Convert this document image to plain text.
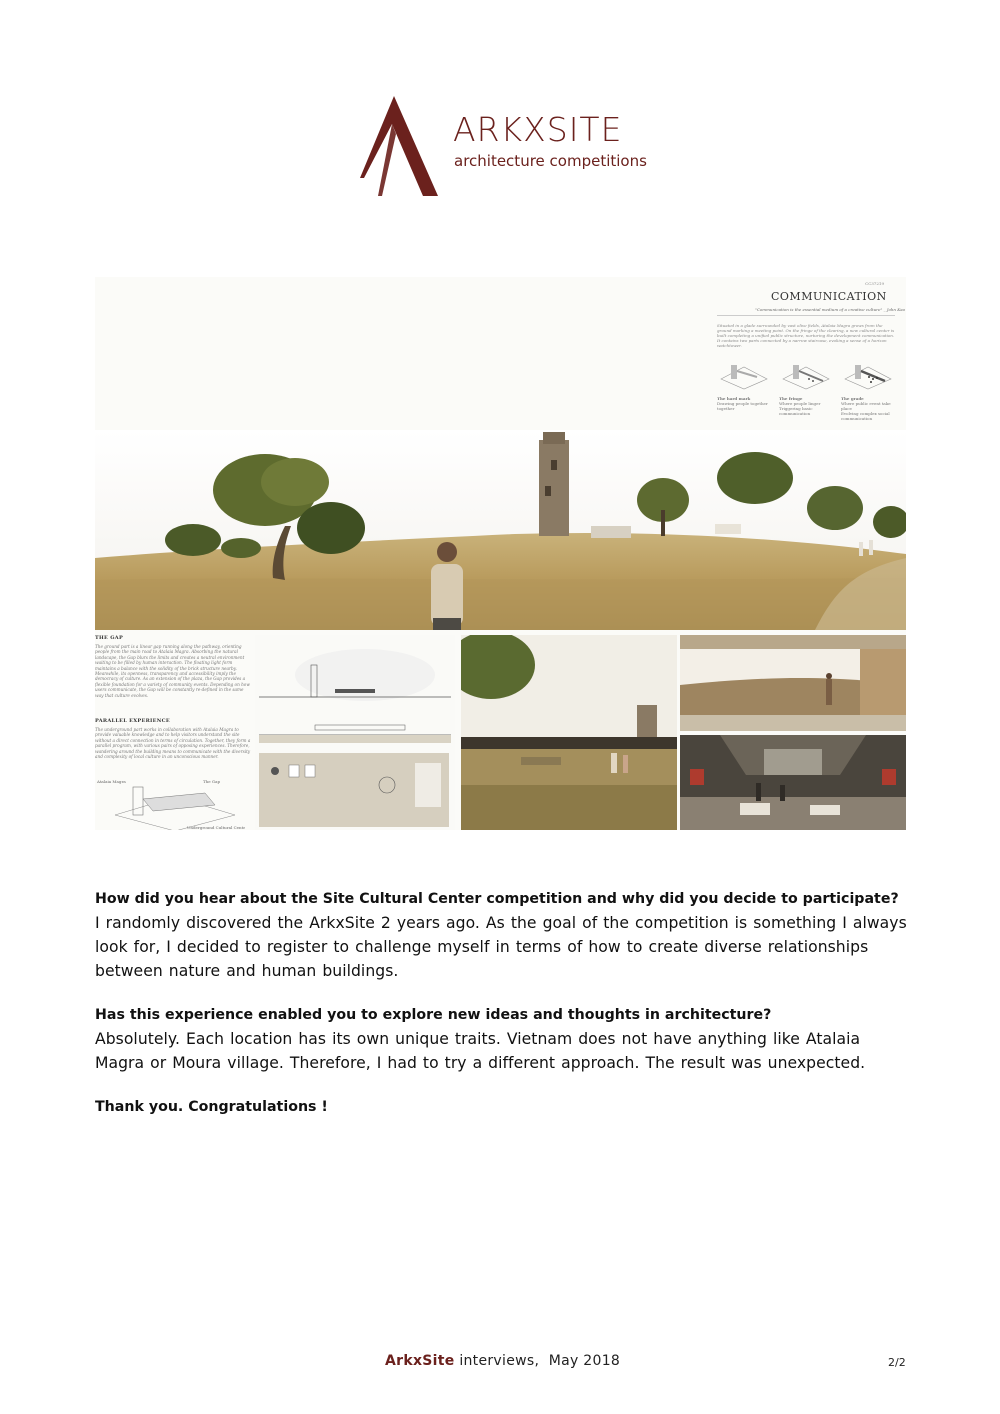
ARKXSITE
architecture competitions
CC37219
COMMUNICATION
"Communication is the essential medium of a creative culture" _ John Kao
Situated in a glade surrounded by vast olive fields, Atalaia Magra grows from the ground marking a meeting point. On the fringe of the clearing, a new cultural center is built completing a unified public structure, nurturing the development communication. It contains two parts connected by a narrow staircase, evoking a sense of a horizon watchtower.
The hard mark
Drawing people together together
The fringe
Where people linger
Triggering basic communication
The grade
Where public event take place
Evolving complex social communication
THE GAP
The ground part is a linear gap running along the pathway, orienting people from the main road to Atalaia Magra. Absorbing the natural landscape, the Gap blurs the limits and creates a neutral environment waiting to be filled by human interaction. The floating light form maintains a balance with the solidity of the brick structure nearby. Meanwhile, its openness, transparency and accessibility imply the democracy of culture. As an extension of the plaza, the Gap provides a flexible foundation for a variety of community events. Depending on how users communicate, the Gap will be constantly re-defined in the same way that culture evolves.
PARALLEL EXPERIENCE
The underground part works in collaboration with Atalaia Magra to provide valuable knowledge and to help visitors understand the site without a direct connection in terms of circulation. Together, they form a parallel program, with various pairs of opposing experiences. Therefore, wandering around the building means to communicate with the diversity and complexity of local culture in an unconscious manner.
Atalaia Magra	The Gap
Underground Cultural Center

How did you hear about the Site Cultural Center competition and why did you decide to participate?

I randomly discovered the ArkxSite 2 years ago. As the goal of the competition is something I always look for, I decided to register to challenge myself in terms of how to create diverse relationships between nature and human buildings.

Has this experience enabled you to explore new ideas and thoughts in architecture?

Absolutely. Each location has its own unique traits. Vietnam does not have anything like Atalaia Magra or Moura village. Therefore, I had to try a different approach. The result was unexpected.

Thank you. Congratulations !

ArkxSite interviews,  May 2018	2/2
